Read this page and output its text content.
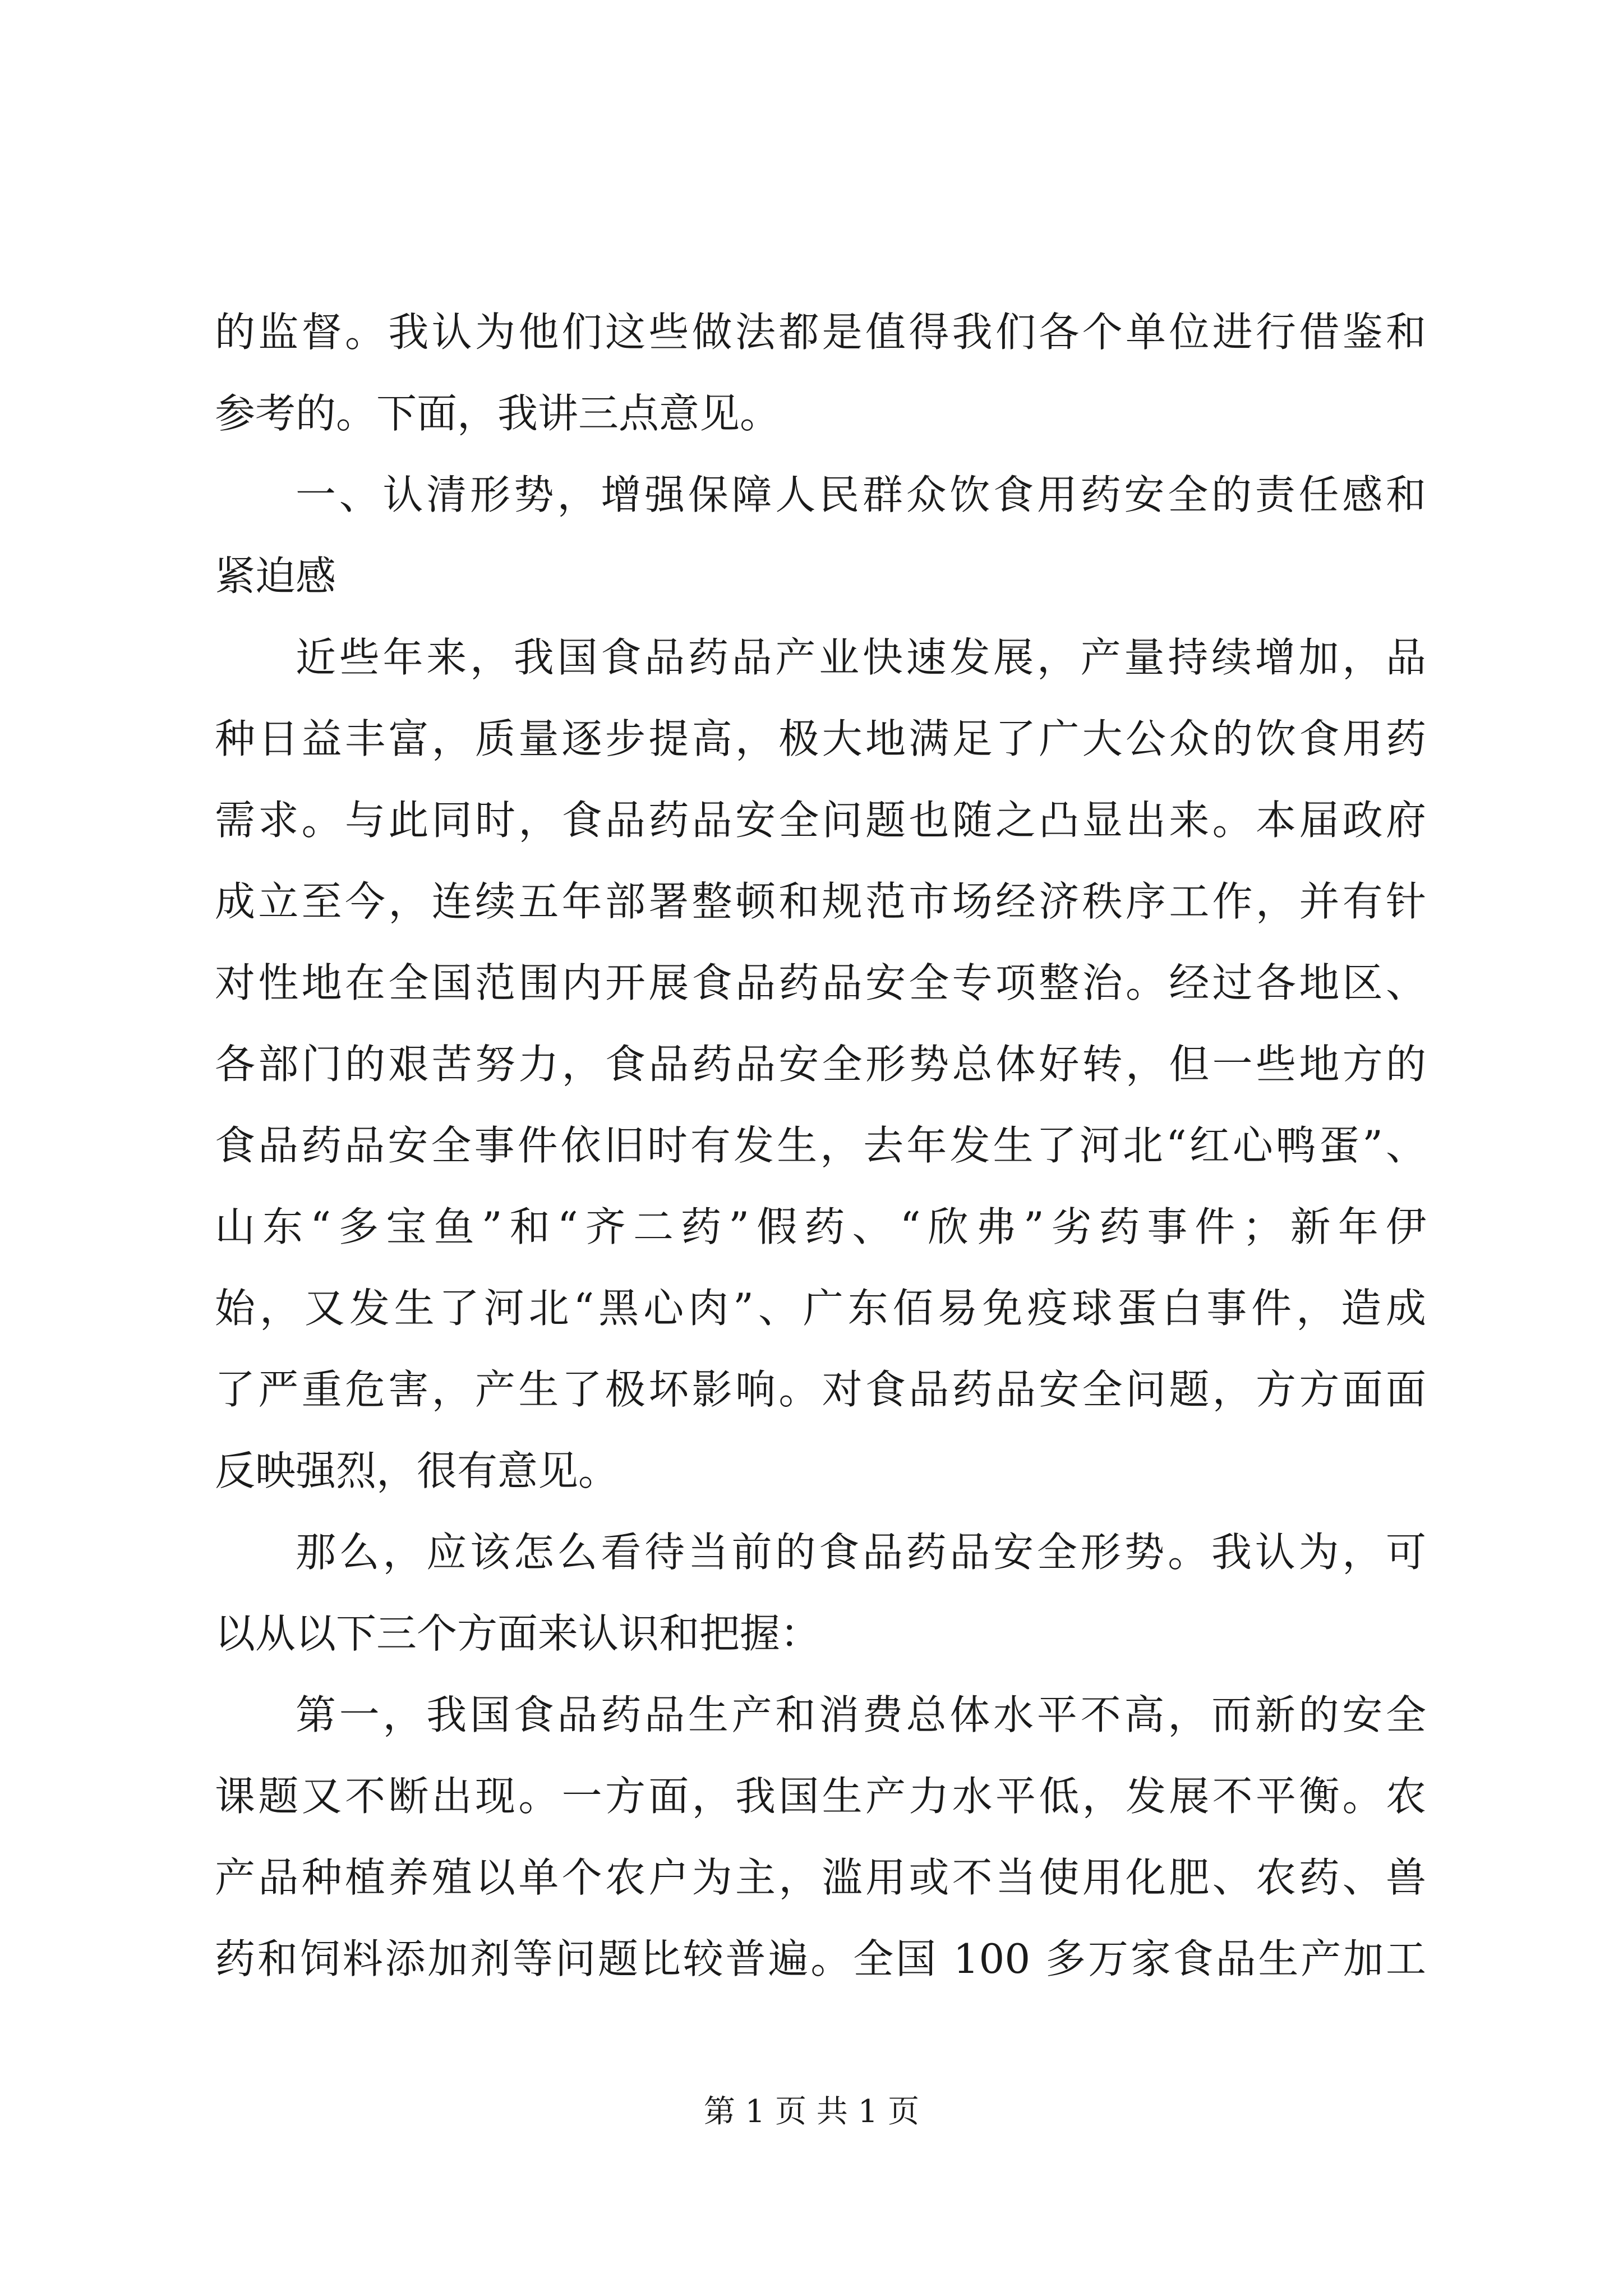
的监督。我认为他们这些做法都是值得我们各个单位进行借鉴和
参考的。下面，我讲三点意见。
一、认清形势，增强保障人民群众饮食用药安全的责任感和
紧迫感
近些年来，我国食品药品产业快速发展，产量持续增加，品
种日益丰富，质量逐步提高，极大地满足了广大公众的饮食用药
需求。与此同时，食品药品安全问题也随之凸显出来。本届政府
成立至今，连续五年部署整顿和规范市场经济秩序工作，并有针
对性地在全国范围内开展食品药品安全专项整治。经过各地区、
各部门的艰苦努力，食品药品安全形势总体好转，但一些地方的
食品药品安全事件依旧时有发生，去年发生了河北“红心鸭蛋”、
山东“多宝鱼”和“齐二药”假药、“欣弗”劣药事件；新年伊
始，又发生了河北“黑心肉”、广东佰易免疫球蛋白事件，造成
了严重危害，产生了极坏影响。对食品药品安全问题，方方面面
反映强烈，很有意见。
那么，应该怎么看待当前的食品药品安全形势。我认为，可
以从以下三个方面来认识和把握：
第一，我国食品药品生产和消费总体水平不高，而新的安全
课题又不断出现。一方面，我国生产力水平低，发展不平衡。农
产品种植养殖以单个农户为主，滥用或不当使用化肥、农药、兽
药和饲料添加剂等问题比较普遍。全国 100 多万家食品生产加工
第 1 页 共 1 页
